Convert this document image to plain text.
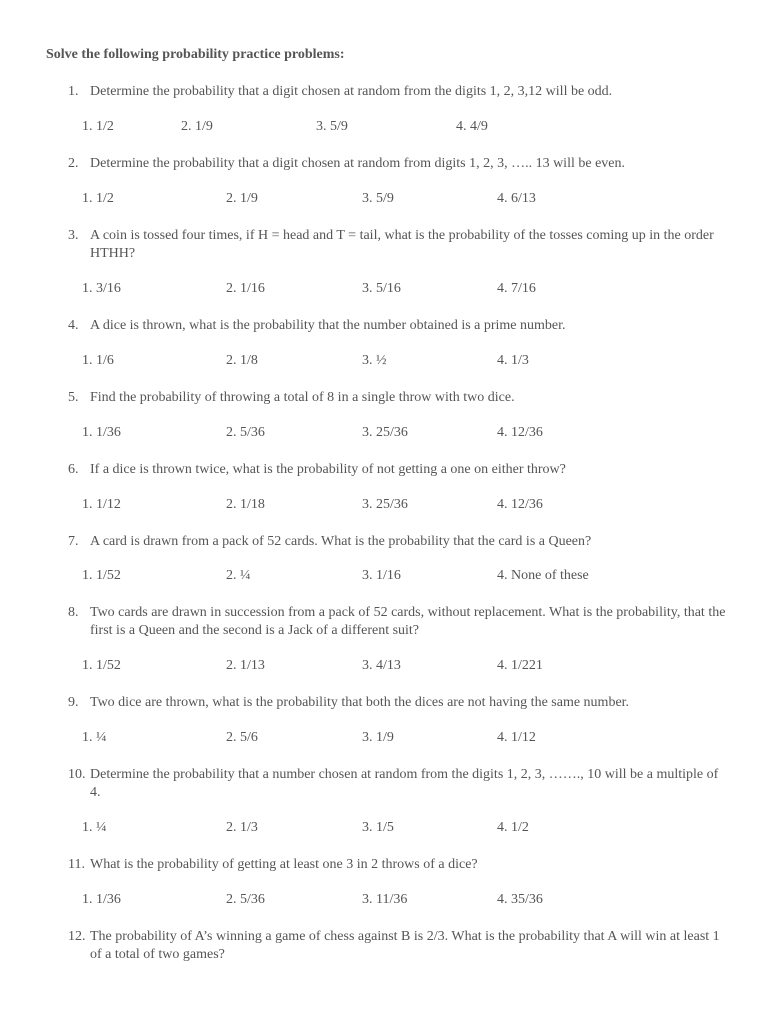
Solve the following probability practice problems:
1. Determine the probability that a digit chosen at random from the digits 1, 2, 3,12 will be odd.
1. 1/2	2. 1/9	3. 5/9	4. 4/9
2. Determine the probability that a digit chosen at random from digits 1, 2, 3, ….. 13 will be even.
1. 1/2	2. 1/9	3. 5/9	4. 6/13
3. A coin is tossed four times, if H = head and T = tail, what is the probability of the tosses coming up in the order HTHH?
1. 3/16	2. 1/16	3. 5/16	4. 7/16
4. A dice is thrown, what is the probability that the number obtained is a prime number.
1. 1/6	2. 1/8	3. ½	4. 1/3
5. Find the probability of throwing a total of 8 in a single throw with two dice.
1. 1/36	2. 5/36	3. 25/36	4. 12/36
6. If a dice is thrown twice, what is the probability of not getting a one on either throw?
1. 1/12	2. 1/18	3. 25/36	4. 12/36
7. A card is drawn from a pack of 52 cards. What is the probability that the card is a Queen?
1. 1/52	2. ¼	3. 1/16	4. None of these
8. Two cards are drawn in succession from a pack of 52 cards, without replacement. What is the probability, that the first is a Queen and the second is a Jack of a different suit?
1. 1/52	2. 1/13	3. 4/13	4. 1/221
9. Two dice are thrown, what is the probability that both the dices are not having the same number.
1. ¼	2. 5/6	3. 1/9	4. 1/12
10. Determine the probability that a number chosen at random from the digits 1, 2, 3, ……., 10 will be a multiple of 4.
1. ¼	2. 1/3	3. 1/5	4. 1/2
11. What is the probability of getting at least one 3 in 2 throws of a dice?
1. 1/36	2. 5/36	3. 11/36	4. 35/36
12. The probability of A’s winning a game of chess against B is 2/3. What is the probability that A will win at least 1 of a total of two games?
